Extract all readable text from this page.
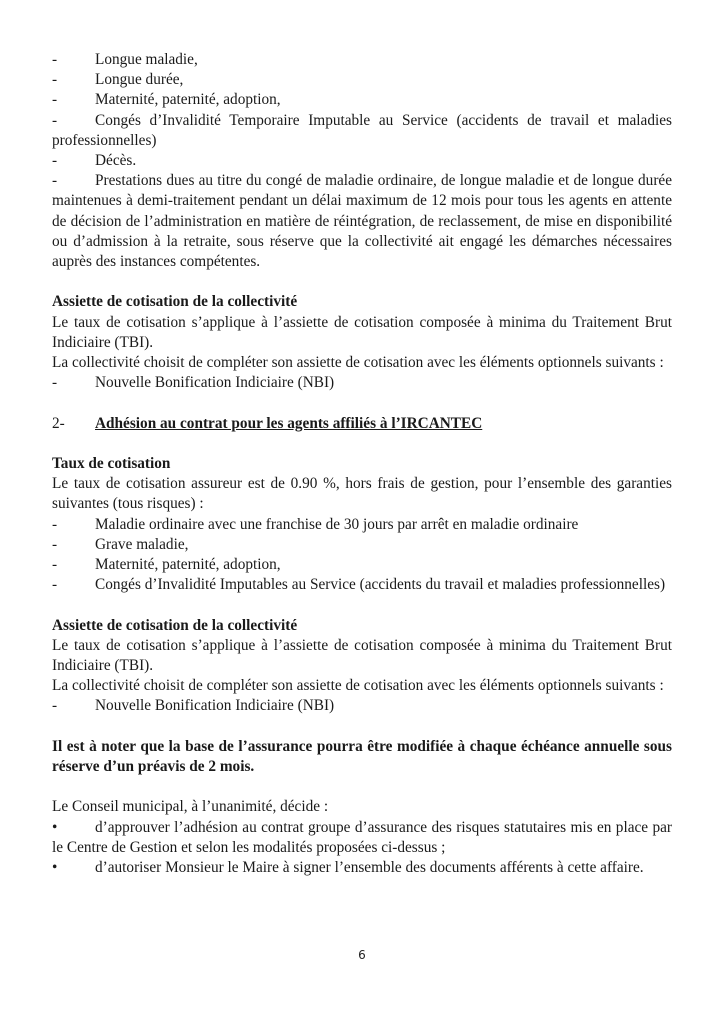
-	Longue maladie,
-	Longue durée,
-	Maternité, paternité, adoption,
-	Congés d’Invalidité Temporaire Imputable au Service (accidents de travail et maladies professionnelles)
-	Décès.
-	Prestations dues au titre du congé de maladie ordinaire, de longue maladie et de longue durée maintenues à demi-traitement pendant un délai maximum de 12 mois pour tous les agents en attente de décision de l’administration en matière de réintégration, de reclassement, de mise en disponibilité ou d’admission à la retraite, sous réserve que la collectivité ait engagé les démarches nécessaires auprès des instances compétentes.

Assiette de cotisation de la collectivité

Le taux de cotisation s’applique à l’assiette de cotisation composée à minima du Traitement Brut Indiciaire (TBI).

La collectivité choisit de compléter son assiette de cotisation avec les éléments optionnels suivants :

-	Nouvelle Bonification Indiciaire (NBI)
2- Adhésion au contrat pour les agents affiliés à l’IRCANTEC

Taux de cotisation

Le taux de cotisation assureur est de 0.90 %, hors frais de gestion, pour l’ensemble des garanties suivantes (tous risques) :

-	Maladie ordinaire avec une franchise de 30 jours par arrêt en maladie ordinaire
-	Grave maladie,
-	Maternité, paternité, adoption,
-	Congés d’Invalidité Imputables au Service (accidents du travail et maladies professionnelles)

Assiette de cotisation de la collectivité

Le taux de cotisation s’applique à l’assiette de cotisation composée à minima du Traitement Brut Indiciaire (TBI).

La collectivité choisit de compléter son assiette de cotisation avec les éléments optionnels suivants :

-	Nouvelle Bonification Indiciaire (NBI)

Il est à noter que la base de l’assurance pourra être modifiée à chaque échéance annuelle sous réserve d’un préavis de 2 mois.

Le Conseil municipal, à l’unanimité, décide :

•	d’approuver l’adhésion au contrat groupe d’assurance des risques statutaires mis en place par le Centre de Gestion et selon les modalités proposées ci-dessus ;
•	d’autoriser Monsieur le Maire à signer l’ensemble des documents afférents à cette affaire.
6
